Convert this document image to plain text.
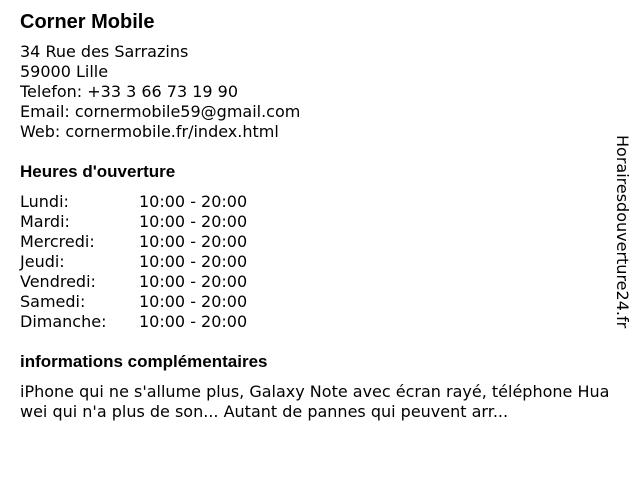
Corner Mobile
34 Rue des Sarrazins
59000 Lille
Telefon: +33 3 66 73 19 90
Email: cornermobile59@gmail.com
Web: cornermobile.fr/index.html
Heures d'ouverture
Lundi:	10:00 - 20:00
Mardi:	10:00 - 20:00
Mercredi:	10:00 - 20:00
Jeudi:	10:00 - 20:00
Vendredi:	10:00 - 20:00
Samedi:	10:00 - 20:00
Dimanche:	10:00 - 20:00
informations complémentaires
iPhone qui ne s'allume plus, Galaxy Note avec écran rayé, téléphone Huawei qui n'a plus de son... Autant de pannes qui peuvent arr...
Horairesdouverture24.fr
